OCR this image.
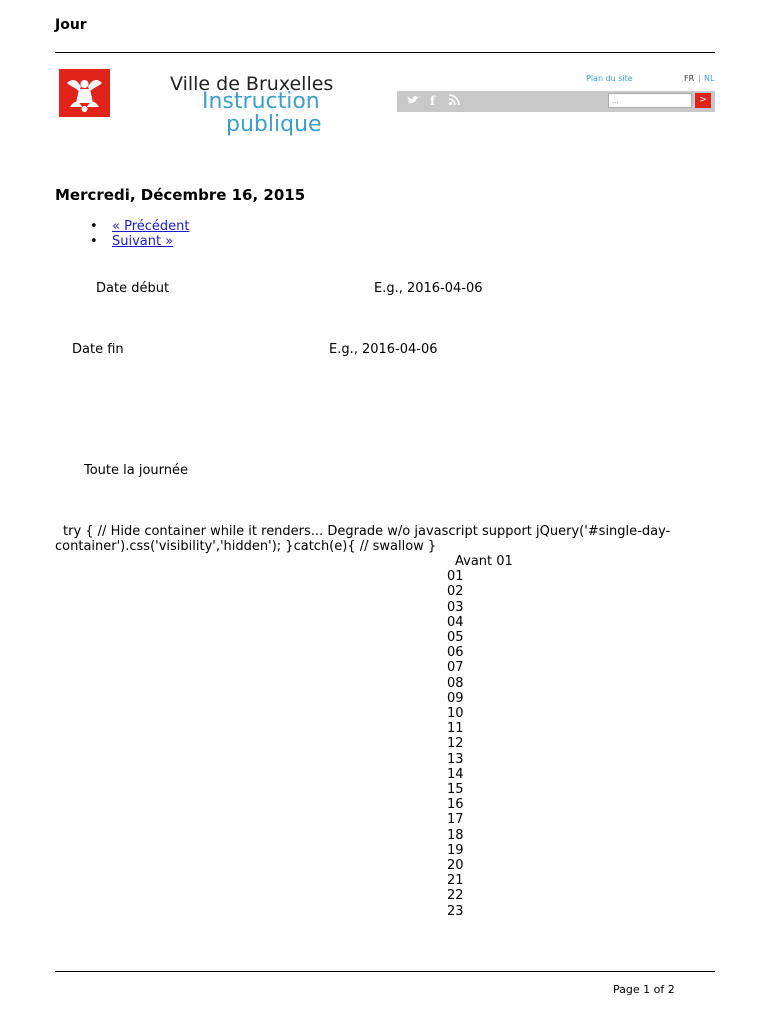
Jour
Ville de Bruxelles
Instruction
publique
Plan du site	FR | NL
f
...	>
Mercredi, Décembre 16, 2015
• « Précédent
• Suivant »
Date début	E.g., 2016-04-06
Date fin	E.g., 2016-04-06
Toute la journée
try { // Hide container while it renders... Degrade w/o javascript support jQuery('#single-day-
container').css('visibility','hidden'); }catch(e){ // swallow }
Avant 01
01
02
03
04
05
06
07
08
09
10
11
12
13
14
15
16
17
18
19
20
21
22
23
Page 1 of 2
